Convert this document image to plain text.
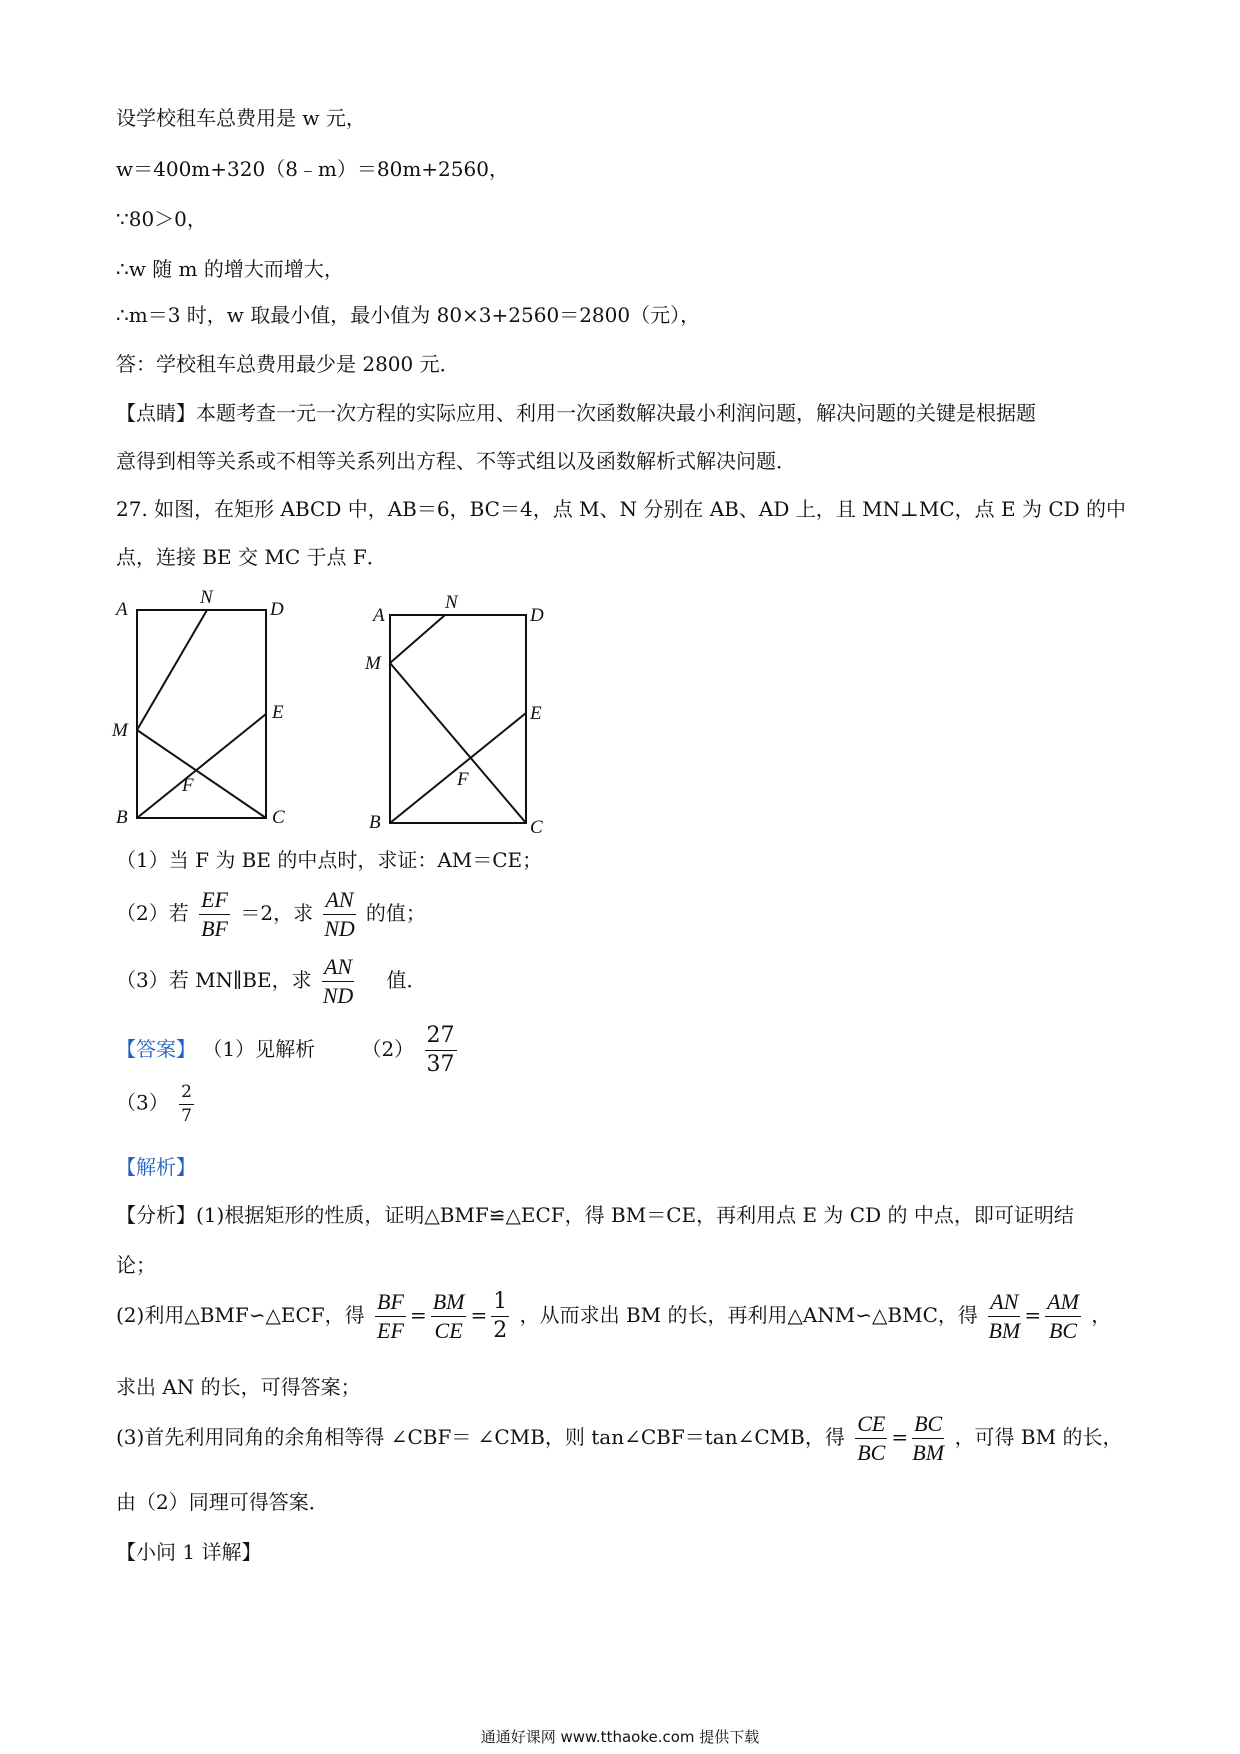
设学校租车总费用是 w 元，
w＝400m+320（8﹣m）＝80m+2560，
∵80＞0，
∴w 随 m 的增大而增大，
∴m＝3 时，w 取最小值，最小值为 80×3+2560＝2800（元），
答：学校租车总费用最少是 2800 元．
【点睛】本题考查一元一次方程的实际应用、利用一次函数解决最小利润问题，解决问题的关键是根据题
意得到相等关系或不相等关系列出方程、不等式组以及函数解析式解决问题．
27. 如图，在矩形 ABCD 中，AB＝6，BC＝4，点 M、N 分别在 AB、AD 上，且 MN⊥MC，点 E 为 CD 的中
点，连接 BE 交 MC 于点 F．
A
N
D
M
E
F
B	C
A
N
D
M
E
F
B	C
（1）当 F 为 BE 的中点时，求证：AM＝CE；
（2）若 $\frac{EF}{BF} =2$，求 $\frac{AN}{ND}$ 的值；
（3）若 MN∥BE，求 $\frac{AN}{ND}$ 值．
【答案】 （1）见解析 $(2) \frac{27}{37}$
$(3) \frac{2}{7}$
【解析】
【分析】(1)根据矩形的性质，证明△BMF≌△ECF，得 BM＝CE，再利用点 E 为 CD 的 中点，即可证明结
论；
(2)利用△BMF∽△ECF，得 $\frac{BF}{EF} = \frac{BM}{CE} = \frac{1}{2}$ ，从而求出 BM 的长，再利用△ANM∽△BMC，得 $\frac{AN}{BM} = \frac{AM}{BC}$ ，
求出 AN 的长，可得答案；
(3)首先利用同角的余角相等得 ∠CBF＝ ∠CMB，则 tan∠CBF＝tan∠CMB，得 $\frac{CE}{BC} = \frac{BC}{BM}$ ，可得 BM 的长，
由（2）同理可得答案．
【小问 1 详解】
通通好课网 www.tthaoke.com 提供下载
